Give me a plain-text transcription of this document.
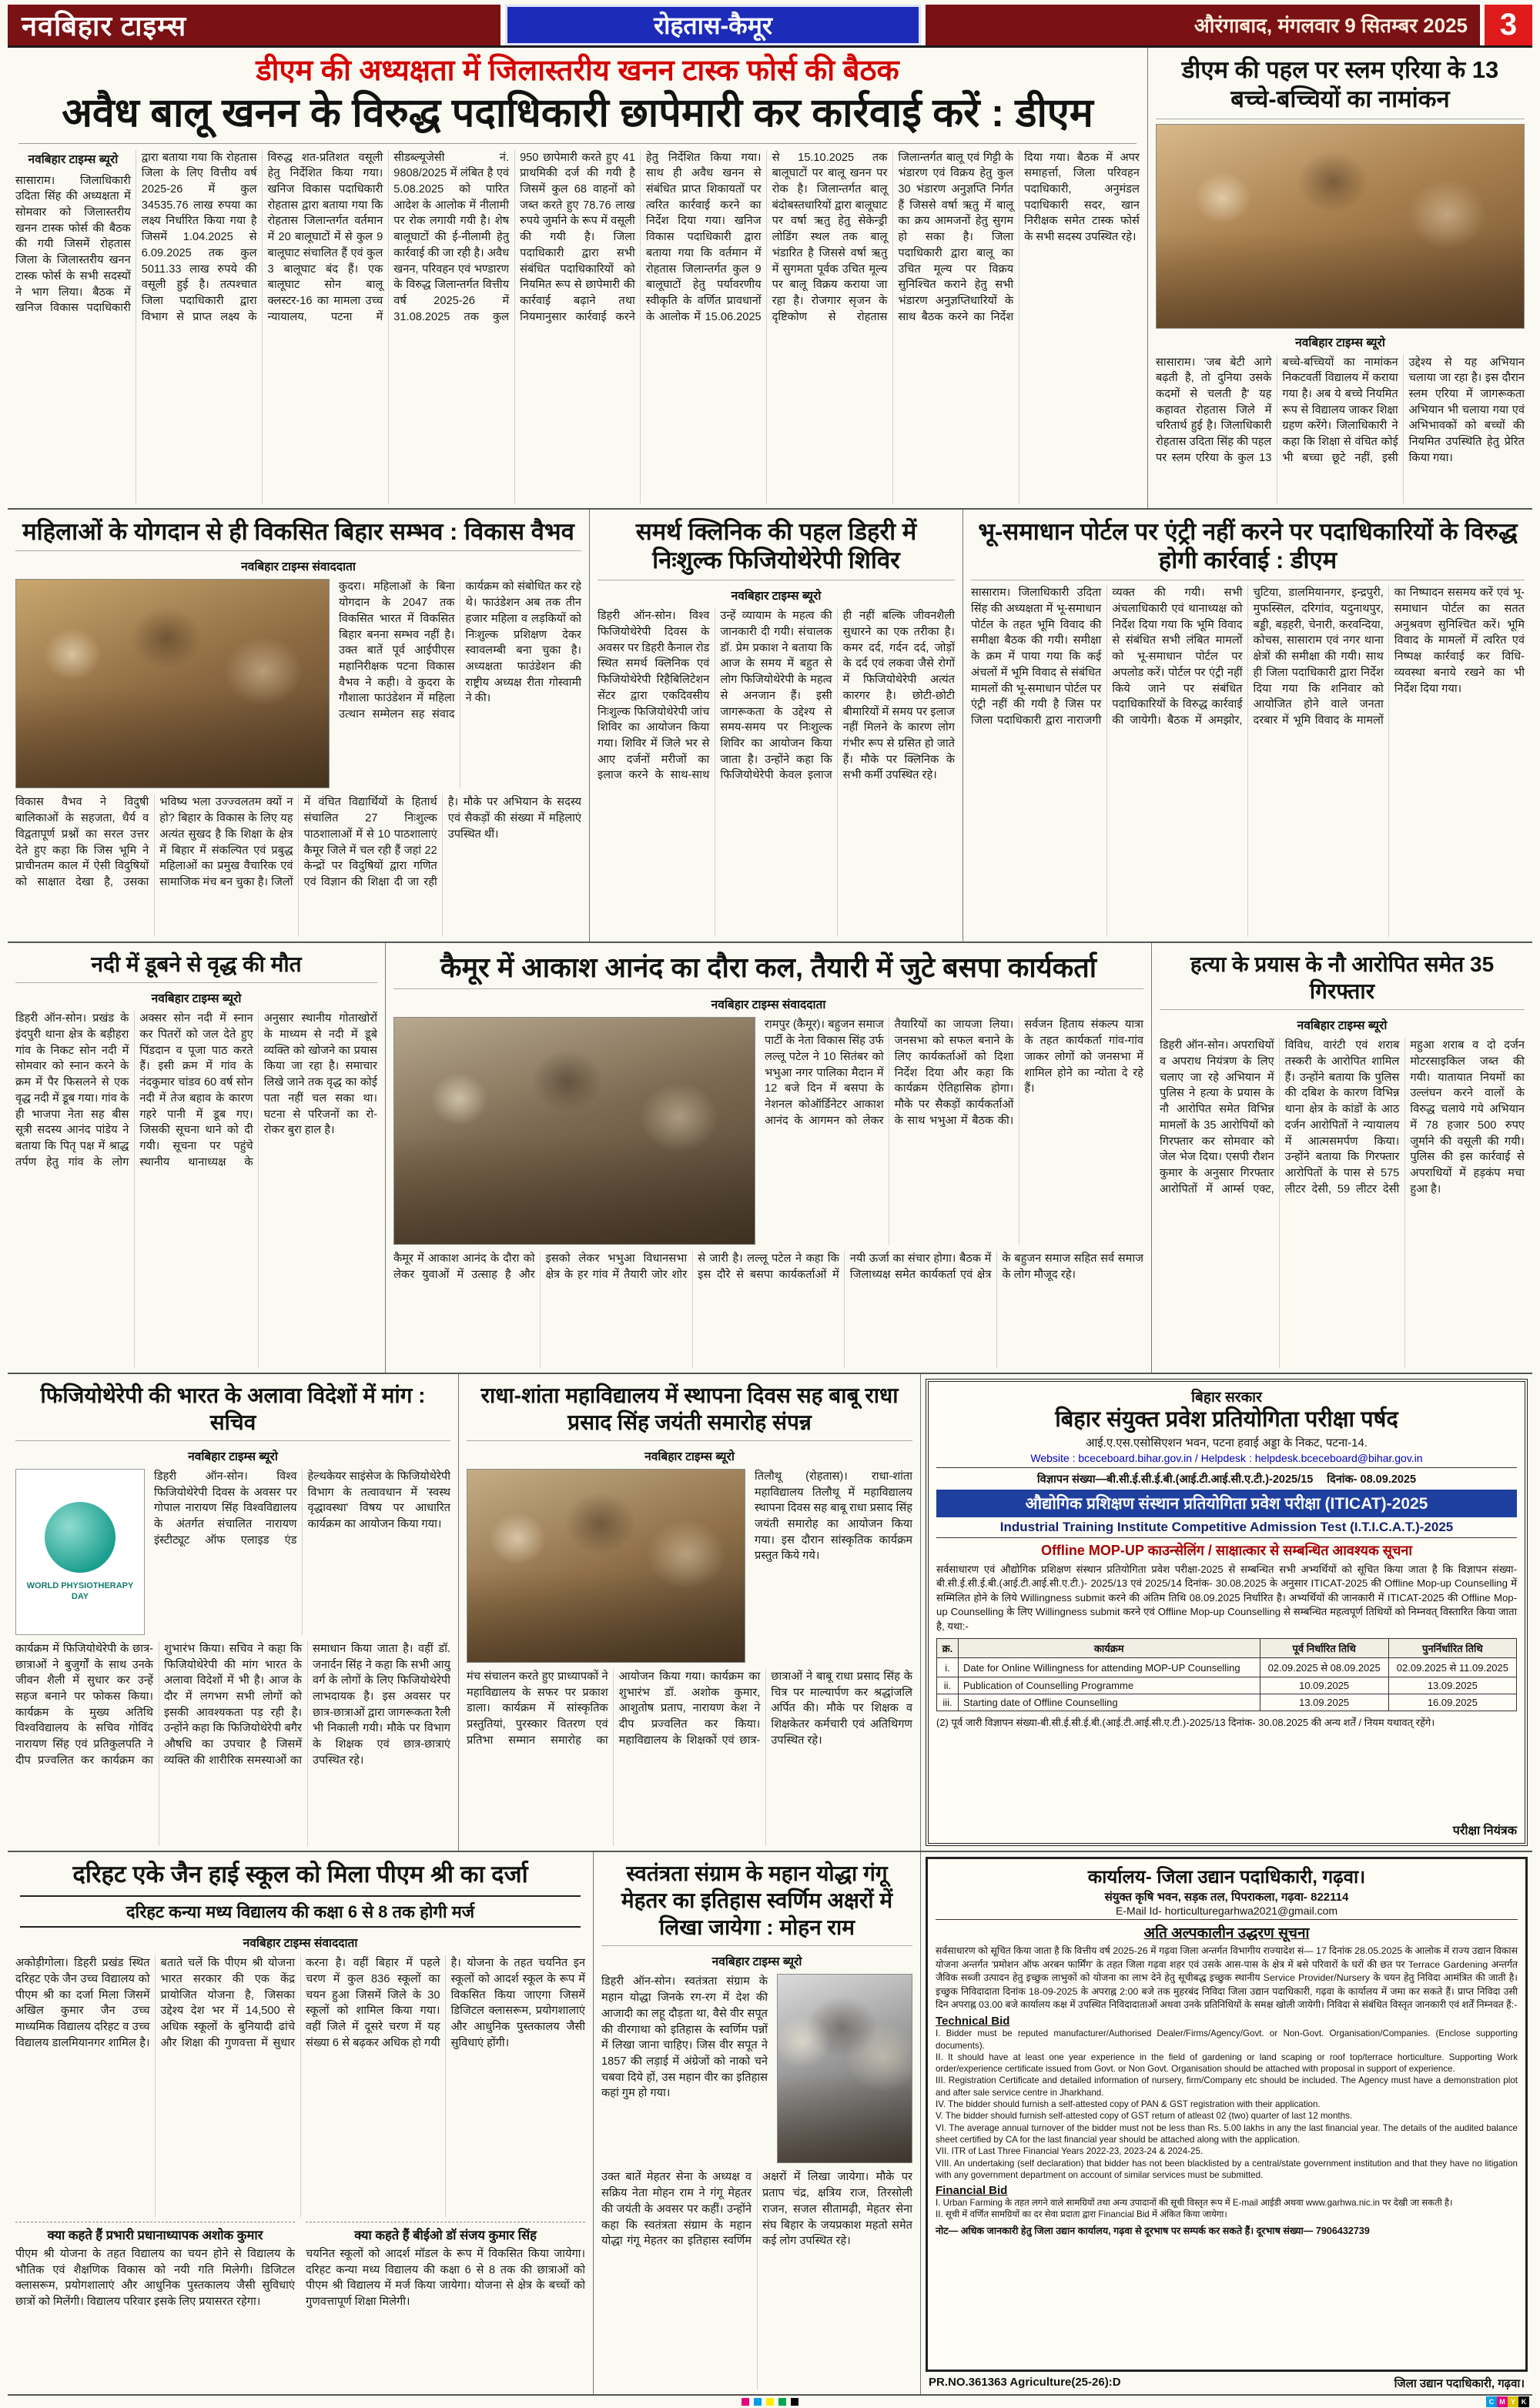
नवबिहार टाइम्स	रोहतास-कैमूर	औरंगाबाद, मंगलवार 9 सितम्बर 2025	3
डीएम की अध्यक्षता में जिलास्तरीय खनन टास्क फोर्स की बैठक
अवैध बालू खनन के विरुद्ध पदाधिकारी छापेमारी कर कार्रवाई करें : डीएम
नवबिहार टाइम्स ब्यूरो
सासाराम। जिलाधिकारी उदिता सिंह की अध्यक्षता में सोमवार को जिलास्तरीय खनन टास्क फोर्स की बैठक की गयी जिसमें रोहतास जिला के जिलास्तरीय खनन टास्क फोर्स के सभी सदस्यों ने भाग लिया। बैठक में खनिज विकास पदाधिकारी द्वारा बताया गया कि रोहतास जिला के लिए वित्तीय वर्ष 2025-26 में कुल 34535.76 लाख रुपया का लक्ष्य निर्धारित किया गया है जिसमें 1.04.2025 से 6.09.2025 तक कुल 5011.33 लाख रुपये की वसूली हुई है। तत्पश्चात जिला पदाधिकारी द्वारा विभाग से प्राप्त लक्ष्य के विरुद्ध शत-प्रतिशत वसूली हेतु निर्देशित किया गया। खनिज विकास पदाधिकारी रोहतास द्वारा बताया गया कि रोहतास जिलान्तर्गत वर्तमान में 20 बालूघाटों में से कुल 9 बालूघाट संचालित हैं एवं कुल 3 बालूघाट बंद हैं। एक बालूघाट सोन बालू क्लस्टर-16 का मामला उच्च न्यायालय, पटना में सीडब्ल्यूजेसी नं. 9808/2025 में लंबित है एवं 5.08.2025 को पारित आदेश के आलोक में नीलामी पर रोक लगायी गयी है। शेष बालूघाटों की ई-नीलामी हेतु कार्रवाई की जा रही है। अवैध खनन, परिवहन एवं भण्डारण के विरुद्ध जिलान्तर्गत वित्तीय वर्ष 2025-26 में 31.08.2025 तक कुल 950 छापेमारी करते हुए 41 प्राथमिकी दर्ज की गयी है जिसमें कुल 68 वाहनों को जब्त करते हुए 78.76 लाख रुपये जुर्माने के रूप में वसूली की गयी है। जिला पदाधिकारी द्वारा सभी संबंधित पदाधिकारियों को नियमित रूप से छापेमारी की कार्रवाई बढ़ाने तथा नियमानुसार कार्रवाई करने हेतु निर्देशित किया गया। साथ ही अवैध खनन से संबंधित प्राप्त शिकायतों पर त्वरित कार्रवाई करने का निर्देश दिया गया। खनिज विकास पदाधिकारी द्वारा बताया गया कि वर्तमान में रोहतास जिलान्तर्गत कुल 9 बालूघाटों हेतु पर्यावरणीय स्वीकृति के वर्णित प्रावधानों के आलोक में 15.06.2025 से 15.10.2025 तक बालूघाटों पर बालू खनन पर रोक है। जिलान्तर्गत बालू बंदोबस्तधारियों द्वारा बालूघाट पर वर्षा ऋतु हेतु सेकेन्ड्री लोडिंग स्थल तक बालू भंडारित है जिससे वर्षा ऋतु में सुगमता पूर्वक उचित मूल्य पर बालू विक्रय कराया जा रहा है। रोजगार सृजन के दृष्टिकोण से रोहतास जिलान्तर्गत बालू एवं गिट्टी के भंडारण एवं विक्रय हेतु कुल 30 भंडारण अनुज्ञप्ति निर्गत हैं जिससे वर्षा ऋतु में बालू का क्रय आमजनों हेतु सुगम हो सका है। जिला पदाधिकारी द्वारा बालू का उचित मूल्य पर विक्रय सुनिश्चित कराने हेतु सभी भंडारण अनुज्ञप्तिधारियों के साथ बैठक करने का निर्देश दिया गया। बैठक में अपर समाहर्त्ता, जिला परिवहन पदाधिकारी, अनुमंडल पदाधिकारी सदर, खान निरीक्षक समेत टास्क फोर्स के सभी सदस्य उपस्थित रहे।
डीएम की पहल पर स्लम एरिया के 13 बच्चे-बच्चियों का नामांकन
नवबिहार टाइम्स ब्यूरो
सासाराम। 'जब बेटी आगे बढ़ती है, तो दुनिया उसके कदमों से चलती है' यह कहावत रोहतास जिले में चरितार्थ हुई है। जिलाधिकारी रोहतास उदिता सिंह की पहल पर स्लम एरिया के कुल 13 बच्चे-बच्चियों का नामांकन निकटवर्ती विद्यालय में कराया गया है। अब ये बच्चे नियमित रूप से विद्यालय जाकर शिक्षा ग्रहण करेंगे। जिलाधिकारी ने कहा कि शिक्षा से वंचित कोई भी बच्चा छूटे नहीं, इसी उद्देश्य से यह अभियान चलाया जा रहा है। इस दौरान स्लम एरिया में जागरूकता अभियान भी चलाया गया एवं अभिभावकों को बच्चों की नियमित उपस्थिति हेतु प्रेरित किया गया।
महिलाओं के योगदान से ही विकसित बिहार सम्भव : विकास वैभव
नवबिहार टाइम्स संवाददाता
कुदरा। महिलाओं के बिना योगदान के 2047 तक विकसित भारत में विकसित बिहार बनना सम्भव नहीं है। उक्त बातें पूर्व आईपीएस महानिरीक्षक पटना विकास वैभव ने कही। वे कुदरा के गौशाला फाउंडेशन में महिला उत्थान सम्मेलन सह संवाद कार्यक्रम को संबोधित कर रहे थे। फाउंडेशन अब तक तीन हजार महिला व लड़कियों को निःशुल्क प्रशिक्षण देकर स्वावलम्बी बना चुका है। अध्यक्षता फाउंडेशन की राष्ट्रीय अध्यक्ष रीता गोस्वामी ने की।
विकास वैभव ने विदुषी बालिकाओं के सहजता, धैर्य व विद्वतापूर्ण प्रश्नों का सरल उत्तर देते हुए कहा कि जिस भूमि ने प्राचीनतम काल में ऐसी विदुषियों को साक्षात देखा है, उसका भविष्य भला उज्ज्वलतम क्यों न हो? बिहार के विकास के लिए यह अत्यंत सुखद है कि शिक्षा के क्षेत्र में बिहार में संकल्पित एवं प्रबुद्ध महिलाओं का प्रमुख वैचारिक एवं सामाजिक मंच बन चुका है। जिलों में वंचित विद्यार्थियों के हितार्थ संचालित 27 निःशुल्क पाठशालाओं में से 10 पाठशालाएं कैमूर जिले में चल रही हैं जहां 22 केन्द्रों पर विदुषियों द्वारा गणित एवं विज्ञान की शिक्षा दी जा रही है। मौके पर अभियान के सदस्य एवं सैकड़ों की संख्या में महिलाएं उपस्थित थीं।
समर्थ क्लिनिक की पहल डिहरी में निःशुल्क फिजियोथेरेपी शिविर
नवबिहार टाइम्स ब्यूरो
डिहरी ऑन-सोन। विश्व फिजियोथेरेपी दिवस के अवसर पर डिहरी कैनाल रोड स्थित समर्थ क्लिनिक एवं फिजियोथेरेपी रिहैबिलिटेशन सेंटर द्वारा एकदिवसीय निःशुल्क फिजियोथेरेपी जांच शिविर का आयोजन किया गया। शिविर में जिले भर से आए दर्जनों मरीजों का इलाज करने के साथ-साथ उन्हें व्यायाम के महत्व की जानकारी दी गयी। संचालक डॉ. प्रेम प्रकाश ने बताया कि आज के समय में बहुत से लोग फिजियोथेरेपी के महत्व से अनजान हैं। इसी जागरूकता के उद्देश्य से समय-समय पर निःशुल्क शिविर का आयोजन किया जाता है। उन्होंने कहा कि फिजियोथेरेपी केवल इलाज ही नहीं बल्कि जीवनशैली सुधारने का एक तरीका है। कमर दर्द, गर्दन दर्द, जोड़ों के दर्द एवं लकवा जैसे रोगों में फिजियोथेरेपी अत्यंत कारगर है। छोटी-छोटी बीमारियों में समय पर इलाज नहीं मिलने के कारण लोग गंभीर रूप से ग्रसित हो जाते हैं। मौके पर क्लिनिक के सभी कर्मी उपस्थित रहे।
भू-समाधान पोर्टल पर एंट्री नहीं करने पर पदाधिकारियों के विरुद्ध होगी कार्रवाई : डीएम
सासाराम। जिलाधिकारी उदिता सिंह की अध्यक्षता में भू-समाधान पोर्टल के तहत भूमि विवाद की समीक्षा बैठक की गयी। समीक्षा के क्रम में पाया गया कि कई अंचलों में भूमि विवाद से संबंधित मामलों की भू-समाधान पोर्टल पर एंट्री नहीं की गयी है जिस पर जिला पदाधिकारी द्वारा नाराजगी व्यक्त की गयी। सभी अंचलाधिकारी एवं थानाध्यक्ष को निर्देश दिया गया कि भूमि विवाद से संबंधित सभी लंबित मामलों को भू-समाधान पोर्टल पर अपलोड करें। पोर्टल पर एंट्री नहीं किये जाने पर संबंधित पदाधिकारियों के विरुद्ध कार्रवाई की जायेगी। बैठक में अमझोर, चुटिया, डालमियानगर, इन्द्रपुरी, मुफस्सिल, दरिगांव, यदुनाथपुर, बड्डी, बड़हरी, चेनारी, करवन्दिया, कोचस, सासाराम एवं नगर थाना क्षेत्रों की समीक्षा की गयी। साथ ही जिला पदाधिकारी द्वारा निर्देश दिया गया कि शनिवार को आयोजित होने वाले जनता दरबार में भूमि विवाद के मामलों का निष्पादन ससमय करें एवं भू-समाधान पोर्टल का सतत अनुश्रवण सुनिश्चित करें। भूमि विवाद के मामलों में त्वरित एवं निष्पक्ष कार्रवाई कर विधि-व्यवस्था बनाये रखने का भी निर्देश दिया गया।
नदी में डूबने से वृद्ध की मौत
नवबिहार टाइम्स ब्यूरो
डिहरी ऑन-सोन। प्रखंड के इंदपुरी थाना क्षेत्र के बड़ीहरा गांव के निकट सोन नदी में सोमवार को स्नान करने के क्रम में पैर फिसलने से एक वृद्ध नदी में डूब गया। गांव के ही भाजपा नेता सह बीस सूत्री सदस्य आनंद पांडेय ने बताया कि पितृ पक्ष में श्राद्ध तर्पण हेतु गांव के लोग अक्सर सोन नदी में स्नान कर पितरों को जल देते हुए पिंडदान व पूजा पाठ करते हैं। इसी क्रम में गांव के नंदकुमार चांडव 60 वर्ष सोन नदी में तेज बहाव के कारण गहरे पानी में डूब गए। जिसकी सूचना थाने को दी गयी। सूचना पर पहुंचे स्थानीय थानाध्यक्ष के अनुसार स्थानीय गोताखोरों के माध्यम से नदी में डूबे व्यक्ति को खोजने का प्रयास किया जा रहा है। समाचार लिखे जाने तक वृद्ध का कोई पता नहीं चल सका था। घटना से परिजनों का रो-रोकर बुरा हाल है।
कैमूर में आकाश आनंद का दौरा कल, तैयारी में जुटे बसपा कार्यकर्ता
नवबिहार टाइम्स संवाददाता
रामपुर (कैमूर)। बहुजन समाज पार्टी के नेता विकास सिंह उर्फ लल्लू पटेल ने 10 सितंबर को भभुआ नगर पालिका मैदान में 12 बजे दिन में बसपा के नेशनल कोऑर्डिनेटर आकाश आनंद के आगमन को लेकर तैयारियों का जायजा लिया। जनसभा को सफल बनाने के लिए कार्यकर्ताओं को दिशा निर्देश दिया और कहा कि कार्यक्रम ऐतिहासिक होगा। मौके पर सैकड़ों कार्यकर्ताओं के साथ भभुआ में बैठक की। सर्वजन हिताय संकल्प यात्रा के तहत कार्यकर्ता गांव-गांव जाकर लोगों को जनसभा में शामिल होने का न्योता दे रहे हैं।
कैमूर में आकाश आनंद के दौरा को लेकर युवाओं में उत्साह है और इसको लेकर भभुआ विधानसभा क्षेत्र के हर गांव में तैयारी जोर शोर से जारी है। लल्लू पटेल ने कहा कि इस दौरे से बसपा कार्यकर्ताओं में नयी ऊर्जा का संचार होगा। बैठक में जिलाध्यक्ष समेत कार्यकर्ता एवं क्षेत्र के बहुजन समाज सहित सर्व समाज के लोग मौजूद रहे।
हत्या के प्रयास के नौ आरोपित समेत 35 गिरफ्तार
नवबिहार टाइम्स ब्यूरो
डिहरी ऑन-सोन। अपराधियों व अपराध नियंत्रण के लिए चलाए जा रहे अभियान में पुलिस ने हत्या के प्रयास के नौ आरोपित समेत विभिन्न मामलों के 35 आरोपियों को गिरफ्तार कर सोमवार को जेल भेज दिया। एसपी रौशन कुमार के अनुसार गिरफ्तार आरोपितों में आर्म्स एक्ट, विविध, वारंटी एवं शराब तस्करी के आरोपित शामिल हैं। उन्होंने बताया कि पुलिस की दबिश के कारण विभिन्न थाना क्षेत्र के कांडों के आठ दर्जन आरोपितों ने न्यायालय में आत्मसमर्पण किया। उन्होंने बताया कि गिरफ्तार आरोपितों के पास से 575 लीटर देसी, 59 लीटर देसी महुआ शराब व दो दर्जन मोटरसाइकिल जब्त की गयी। यातायात नियमों का उल्लंघन करने वालों के विरुद्ध चलाये गये अभियान में 78 हजार 500 रुपए जुर्माने की वसूली की गयी। पुलिस की इस कार्रवाई से अपराधियों में हड़कंप मचा हुआ है।
फिजियोथेरेपी की भारत के अलावा विदेशों में मांग : सचिव
नवबिहार टाइम्स ब्यूरो
WORLD PHYSIOTHERAPY DAY
डिहरी ऑन-सोन। विश्व फिजियोथेरेपी दिवस के अवसर पर गोपाल नारायण सिंह विश्वविद्यालय के अंतर्गत संचालित नारायण इंस्टीट्यूट ऑफ एलाइड एंड हेल्थकेयर साइंसेज के फिजियोथेरेपी विभाग के तत्वावधान में 'स्वस्थ वृद्धावस्था' विषय पर आधारित कार्यक्रम का आयोजन किया गया।
कार्यक्रम में फिजियोथेरेपी के छात्र-छात्राओं ने बुजुर्गों के साथ उनके जीवन शैली में सुधार कर उन्हें सहज बनाने पर फोकस किया। कार्यक्रम के मुख्य अतिथि विश्वविद्यालय के सचिव गोविंद नारायण सिंह एवं प्रतिकुलपति ने दीप प्रज्वलित कर कार्यक्रम का शुभारंभ किया। सचिव ने कहा कि फिजियोथेरेपी की मांग भारत के अलावा विदेशों में भी है। आज के दौर में लगभग सभी लोगों को इसकी आवश्यकता पड़ रही है। उन्होंने कहा कि फिजियोथेरेपी बगैर औषधि का उपचार है जिसमें व्यक्ति की शारीरिक समस्याओं का समाधान किया जाता है। वहीं डॉ. जनार्दन सिंह ने कहा कि सभी आयु वर्ग के लोगों के लिए फिजियोथेरेपी लाभदायक है। इस अवसर पर छात्र-छात्राओं द्वारा जागरूकता रैली भी निकाली गयी। मौके पर विभाग के शिक्षक एवं छात्र-छात्राएं उपस्थित रहे।
राधा-शांता महाविद्यालय में स्थापना दिवस सह बाबू राधा प्रसाद सिंह जयंती समारोह संपन्न
नवबिहार टाइम्स ब्यूरो
तिलौथू (रोहतास)। राधा-शांता महाविद्यालय तिलौथू में महाविद्यालय स्थापना दिवस सह बाबू राधा प्रसाद सिंह जयंती समारोह का आयोजन किया गया। इस दौरान सांस्कृतिक कार्यक्रम प्रस्तुत किये गये।
मंच संचालन करते हुए प्राध्यापकों ने महाविद्यालय के सफर पर प्रकाश डाला। कार्यक्रम में सांस्कृतिक प्रस्तुतियां, पुरस्कार वितरण एवं प्रतिभा सम्मान समारोह का आयोजन किया गया। कार्यक्रम का शुभारंभ डॉ. अशोक कुमार, आशुतोष प्रताप, नारायण केश ने दीप प्रज्वलित कर किया। महाविद्यालय के शिक्षकों एवं छात्र-छात्राओं ने बाबू राधा प्रसाद सिंह के चित्र पर माल्यार्पण कर श्रद्धांजलि अर्पित की। मौके पर शिक्षक व शिक्षकेतर कर्मचारी एवं अतिथिगण उपस्थित रहे।
बिहार सरकार
बिहार संयुक्त प्रवेश प्रतियोगिता परीक्षा पर्षद
आई.ए.एस.एसोसिएशन भवन, पटना हवाई अड्डा के निकट, पटना-14.
Website : bceceboard.bihar.gov.in / Helpdesk : helpdesk.bceceboard@bihar.gov.in
विज्ञापन संख्या—बी.सी.ई.सी.ई.बी.(आई.टी.आई.सी.ए.टी.)-2025/15 दिनांक- 08.09.2025
औद्योगिक प्रशिक्षण संस्थान प्रतियोगिता प्रवेश परीक्षा (ITICAT)-2025
Industrial Training Institute Competitive Admission Test (I.T.I.C.A.T.)-2025
Offline MOP-UP काउन्सेलिंग / साक्षात्कार से सम्बन्धित आवश्यक सूचना
सर्वसाधारण एवं औद्योगिक प्रशिक्षण संस्थान प्रतियोगिता प्रवेश परीक्षा-2025 से सम्बन्धित सभी अभ्यर्थियों को सूचित किया जाता है कि विज्ञापन संख्या-बी.सी.ई.सी.ई.बी.(आई.टी.आई.सी.ए.टी.)- 2025/13 एवं 2025/14 दिनांक- 30.08.2025 के अनुसार ITICAT-2025 की Offline Mop-up Counselling में सम्मिलित होने के लिये Willingness submit करने की अंतिम तिथि 08.09.2025 निर्धारित है। अभ्यर्थियों की जानकारी में ITICAT-2025 की Offline Mop-up Counselling के लिए Willingness submit करने एवं Offline Mop-up Counselling से सम्बन्धित महत्वपूर्ण तिथियों को निम्नवत् विस्तारित किया जाता है, यथा:-
क्र.	कार्यक्रम	पूर्व निर्धारित तिथि	पुनर्निर्धारित तिथि
i.	Date for Online Willingness for attending MOP-UP Counselling	02.09.2025 से 08.09.2025	02.09.2025 से 11.09.2025
ii.	Publication of Counselling Programme	10.09.2025	13.09.2025
iii.	Starting date of Offline Counselling	13.09.2025	16.09.2025
(2) पूर्व जारी विज्ञापन संख्या-बी.सी.ई.सी.ई.बी.(आई.टी.आई.सी.ए.टी.)-2025/13 दिनांक- 30.08.2025 की अन्य शर्तें / नियम यथावत् रहेंगे।
परीक्षा नियंत्रक
दरिहट एके जैन हाई स्कूल को मिला पीएम श्री का दर्जा
दरिहट कन्या मध्य विद्यालय की कक्षा 6 से 8 तक होगी मर्ज
नवबिहार टाइम्स संवाददाता
अकोड़ीगोला। डिहरी प्रखंड स्थित दरिहट एके जैन उच्च विद्यालय को पीएम श्री का दर्जा मिला जिसमें अखिल कुमार जैन उच्च माध्यमिक विद्यालय दरिहट व उच्च विद्यालय डालमियानगर शामिल है। बताते चलें कि पीएम श्री योजना भारत सरकार की एक केंद्र प्रायोजित योजना है, जिसका उद्देश्य देश भर में 14,500 से अधिक स्कूलों के बुनियादी ढांचे और शिक्षा की गुणवत्ता में सुधार करना है। वहीं बिहार में पहले चरण में कुल 836 स्कूलों का चयन हुआ जिसमें जिले के 30 स्कूलों को शामिल किया गया। वहीं जिले में दूसरे चरण में यह संख्या 6 से बढ़कर अधिक हो गयी है। योजना के तहत चयनित इन स्कूलों को आदर्श स्कूल के रूप में विकसित किया जाएगा जिसमें डिजिटल क्लासरूम, प्रयोगशालाएं और आधुनिक पुस्तकालय जैसी सुविधाएं होंगी।
क्या कहते हैं प्रभारी प्रधानाध्यापक अशोक कुमार
पीएम श्री योजना के तहत विद्यालय का चयन होने से विद्यालय के भौतिक एवं शैक्षणिक विकास को नयी गति मिलेगी। डिजिटल क्लासरूम, प्रयोगशालाएं और आधुनिक पुस्तकालय जैसी सुविधाएं छात्रों को मिलेंगी। विद्यालय परिवार इसके लिए प्रयासरत रहेगा।
क्या कहते हैं बीईओ डॉ संजय कुमार सिंह
चयनित स्कूलों को आदर्श मॉडल के रूप में विकसित किया जायेगा। दरिहट कन्या मध्य विद्यालय की कक्षा 6 से 8 तक की छात्राओं को पीएम श्री विद्यालय में मर्ज किया जायेगा। योजना से क्षेत्र के बच्चों को गुणवत्तापूर्ण शिक्षा मिलेगी।
स्वतंत्रता संग्राम के महान योद्धा गंगू मेहतर का इतिहास स्वर्णिम अक्षरों में लिखा जायेगा : मोहन राम
नवबिहार टाइम्स ब्यूरो
डिहरी ऑन-सोन। स्वतंत्रता संग्राम के महान योद्धा जिनके रग-रग में देश की आजादी का लहू दौड़ता था, वैसे वीर सपूत की वीरगाथा को इतिहास के स्वर्णिम पन्नों में लिखा जाना चाहिए। जिस वीर सपूत ने 1857 की लड़ाई में अंग्रेजों को नाको चने चबवा दिये हों, उस महान वीर का इतिहास कहां गुम हो गया।
उक्त बातें मेहतर सेना के अध्यक्ष व सक्रिय नेता मोहन राम ने गंगू मेहतर की जयंती के अवसर पर कहीं। उन्होंने कहा कि स्वतंत्रता संग्राम के महान योद्धा गंगू मेहतर का इतिहास स्वर्णिम अक्षरों में लिखा जायेगा। मौके पर प्रताप चंद्र, क्षत्रिय राज, तिरसोली राजन, सजल सीतामढ़ी, मेहतर सेना संघ बिहार के जयप्रकाश महतो समेत कई लोग उपस्थित रहे।
कार्यालय- जिला उद्यान पदाधिकारी, गढ़वा।
संयुक्त कृषि भवन, सड़क तल, पिपराकला, गढ़वा- 822114
E-Mail Id- horticulturegarhwa2021@gmail.com
अति अल्पकालीन उद्धरण सूचना
सर्वसाधारण को सूचित किया जाता है कि वित्तीय वर्ष 2025-26 में गढ़वा जिला अन्तर्गत विभागीय राज्यादेश सं— 17 दिनांक 28.05.2025 के आलोक में राज्य उद्यान विकास योजना अन्तर्गत 'प्रमोशन ऑफ अरबन फार्मिंग' के तहत जिला गढ़वा शहर एवं उसके आस-पास के क्षेत्र में बसे परिवारों के घरों की छत पर Terrace Gardening अन्तर्गत जैविक सब्जी उत्पादन हेतु इच्छुक लाभुकों को योजना का लाभ देने हेतु सूचीबद्ध इच्छुक स्थानीय Service Provider/Nursery के चयन हेतु निविदा आमंत्रित की जाती है। इच्छुक निविदादाता दिनांक 18-09-2025 के अपराह्न 2:00 बजे तक मुहरबंद निविदा जिला उद्यान पदाधिकारी, गढ़वा के कार्यालय में जमा कर सकते हैं। प्राप्त निविदा उसी दिन अपराह्न 03.00 बजे कार्यालय कक्ष में उपस्थित निविदादाताओं अथवा उनके प्रतिनिधियों के समक्ष खोली जायेगी। निविदा से संबंधित विस्तृत जानकारी एवं शर्तें निम्नवत हैं:-
Technical Bid
I. Bidder must be reputed manufacturer/Authorised Dealer/Firms/Agency/Govt. or Non-Govt. Organisation/Companies. (Enclose supporting documents).
II. It should have at least one year experience in the field of gardening or land scaping or roof top/terrace horticulture. Supporting Work order/experience certificate issued from Govt. or Non Govt. Organisation should be attached with proposal in support of experience.
III. Registration Certificate and detailed information of nursery, firm/Company etc should be included. The Agency must have a demonstration plot and after sale service centre in Jharkhand.
IV. The bidder should furnish a self-attested copy of PAN & GST registration with their application.
V. The bidder should furnish self-attested copy of GST return of atleast 02 (two) quarter of last 12 months.
VI. The average annual turnover of the bidder must not be less than Rs. 5.00 lakhs in any the last financial year. The details of the audited balance sheet certified by CA for the last financial year should be attached along with the application.
VII. ITR of Last Three Financial Years 2022-23, 2023-24 & 2024-25.
VIII. An undertaking (self declaration) that bidder has not been blacklisted by a central/state government institution and that they have no litigation with any government department on account of similar services must be submitted.
Financial Bid
I. Urban Farming के तहत लगने वाले सामग्रियों तथा अन्य उपादानों की सूची विस्तृत रूप में E-mail आईडी अथवा www.garhwa.nic.in पर देखी जा सकती है।
II. सूची में वर्णित सामग्रियों का दर सेवा प्रदाता द्वारा Financial Bid में अंकित किया जायेगा।
नोट— अधिक जानकारी हेतु जिला उद्यान कार्यालय, गढ़वा से दूरभाष पर सम्पर्क कर सकते हैं। दूरभाष संख्या— 7906432739
PR.NO.361363 Agriculture(25-26):D	जिला उद्यान पदाधिकारी, गढ़वा।
C M Y K
